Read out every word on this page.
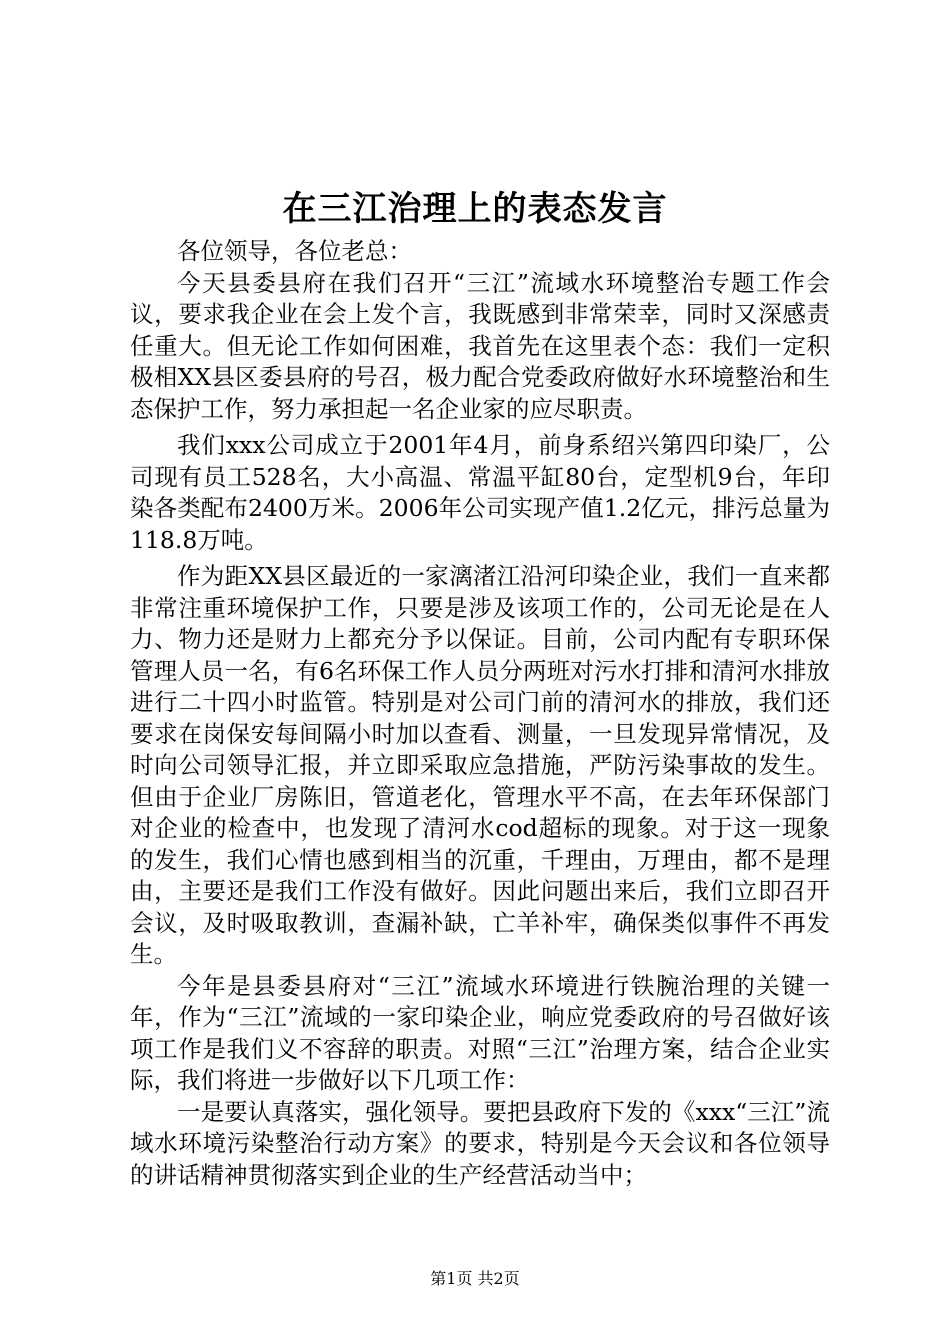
在三江治理上的表态发言

各位领导，各位老总：

今天县委县府在我们召开“三江”流域水环境整治专题工作会议，要求我企业在会上发个言，我既感到非常荣幸，同时又深感责任重大。但无论工作如何困难，我首先在这里表个态：我们一定积极相XX县区委县府的号召，极力配合党委政府做好水环境整治和生态保护工作，努力承担起一名企业家的应尽职责。

我们xxx公司成立于2001年4月，前身系绍兴第四印染厂，公司现有员工528名，大小高温、常温平缸80台，定型机9台，年印染各类配布2400万米。2006年公司实现产值1.2亿元，排污总量为118.8万吨。

作为距XX县区最近的一家漓渚江沿河印染企业，我们一直来都非常注重环境保护工作，只要是涉及该项工作的，公司无论是在人力、物力还是财力上都充分予以保证。目前，公司内配有专职环保管理人员一名，有6名环保工作人员分两班对污水打排和清河水排放进行二十四小时监管。特别是对公司门前的清河水的排放，我们还要求在岗保安每间隔小时加以查看、测量，一旦发现异常情况，及时向公司领导汇报，并立即采取应急措施，严防污染事故的发生。但由于企业厂房陈旧，管道老化，管理水平不高，在去年环保部门对企业的检查中，也发现了清河水cod超标的现象。对于这一现象的发生，我们心情也感到相当的沉重，千理由，万理由，都不是理由，主要还是我们工作没有做好。因此问题出来后，我们立即召开会议，及时吸取教训，查漏补缺，亡羊补牢，确保类似事件不再发生。

今年是县委县府对“三江”流域水环境进行铁腕治理的关键一年，作为“三江”流域的一家印染企业，响应党委政府的号召做好该项工作是我们义不容辞的职责。对照“三江”治理方案，结合企业实际，我们将进一步做好以下几项工作：

一是要认真落实，强化领导。要把县政府下发的《xxx“三江”流域水环境污染整治行动方案》的要求，特别是今天会议和各位领导的讲话精神贯彻落实到企业的生产经营活动当中；

第1页 共2页
